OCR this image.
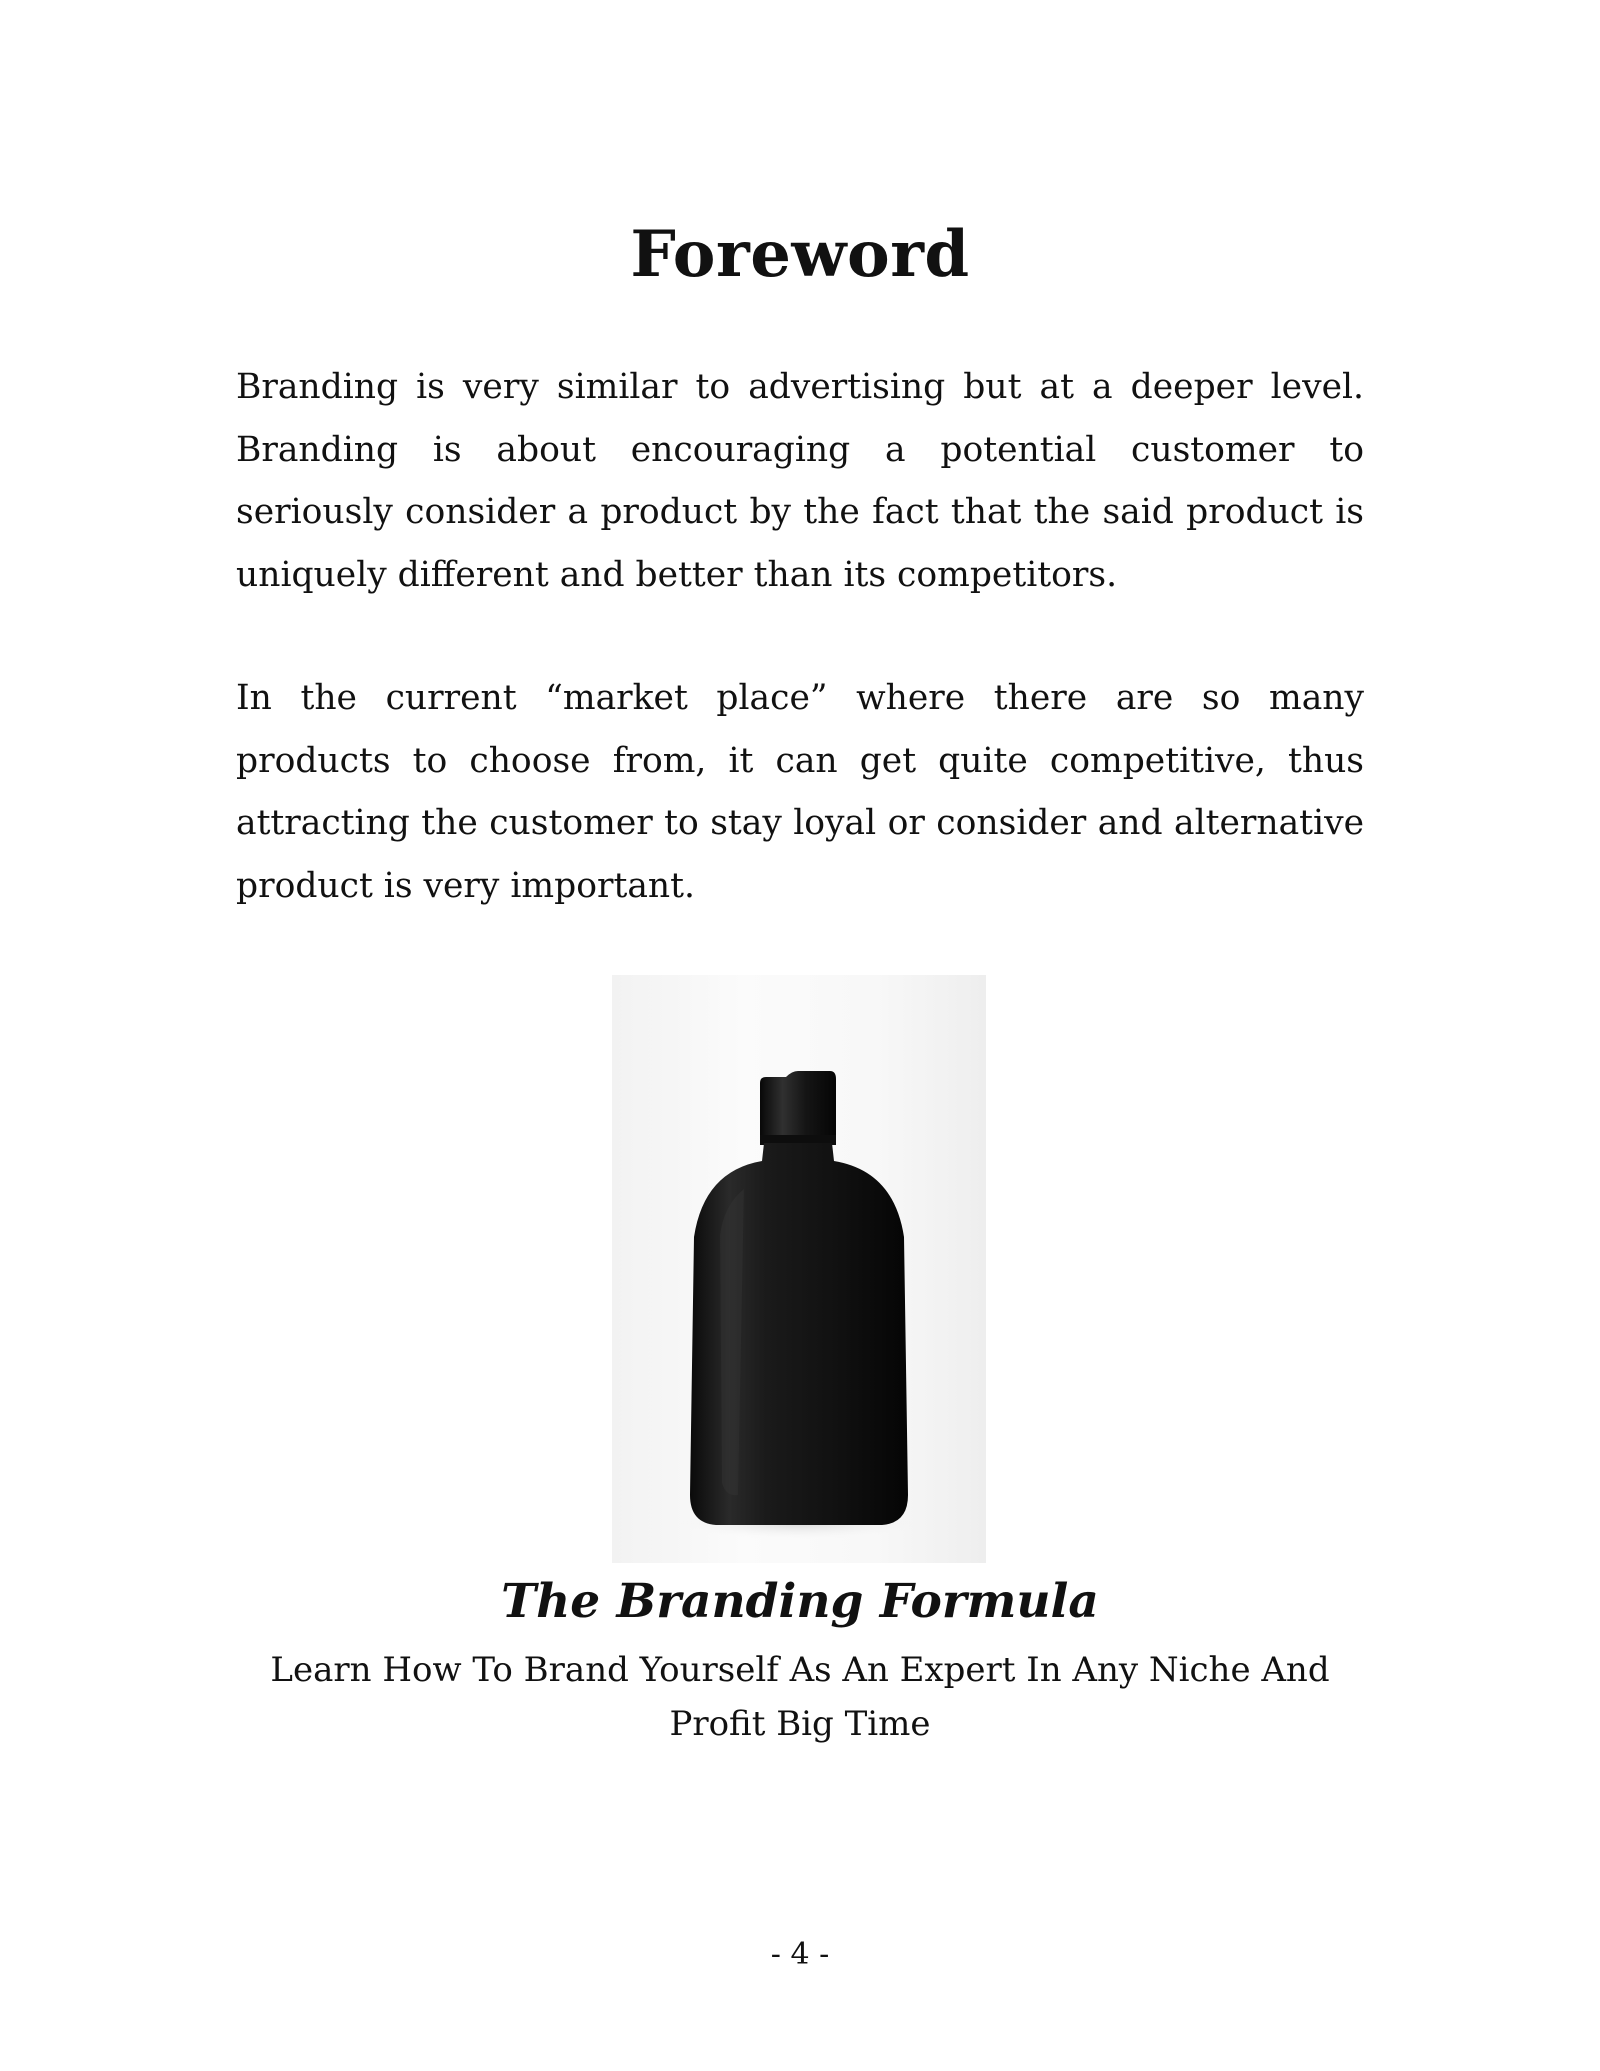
Foreword

Branding is very similar to advertising but at a deeper level. Branding is about encouraging a potential customer to seriously consider a product by the fact that the said product is uniquely different and better than its competitors.

In the current “market place” where there are so many products to choose from, it can get quite competitive, thus attracting the customer to stay loyal or consider and alternative product is very important.

The Branding Formula
Learn How To Brand Yourself As An Expert In Any Niche And Profit Big Time
- 4 -
